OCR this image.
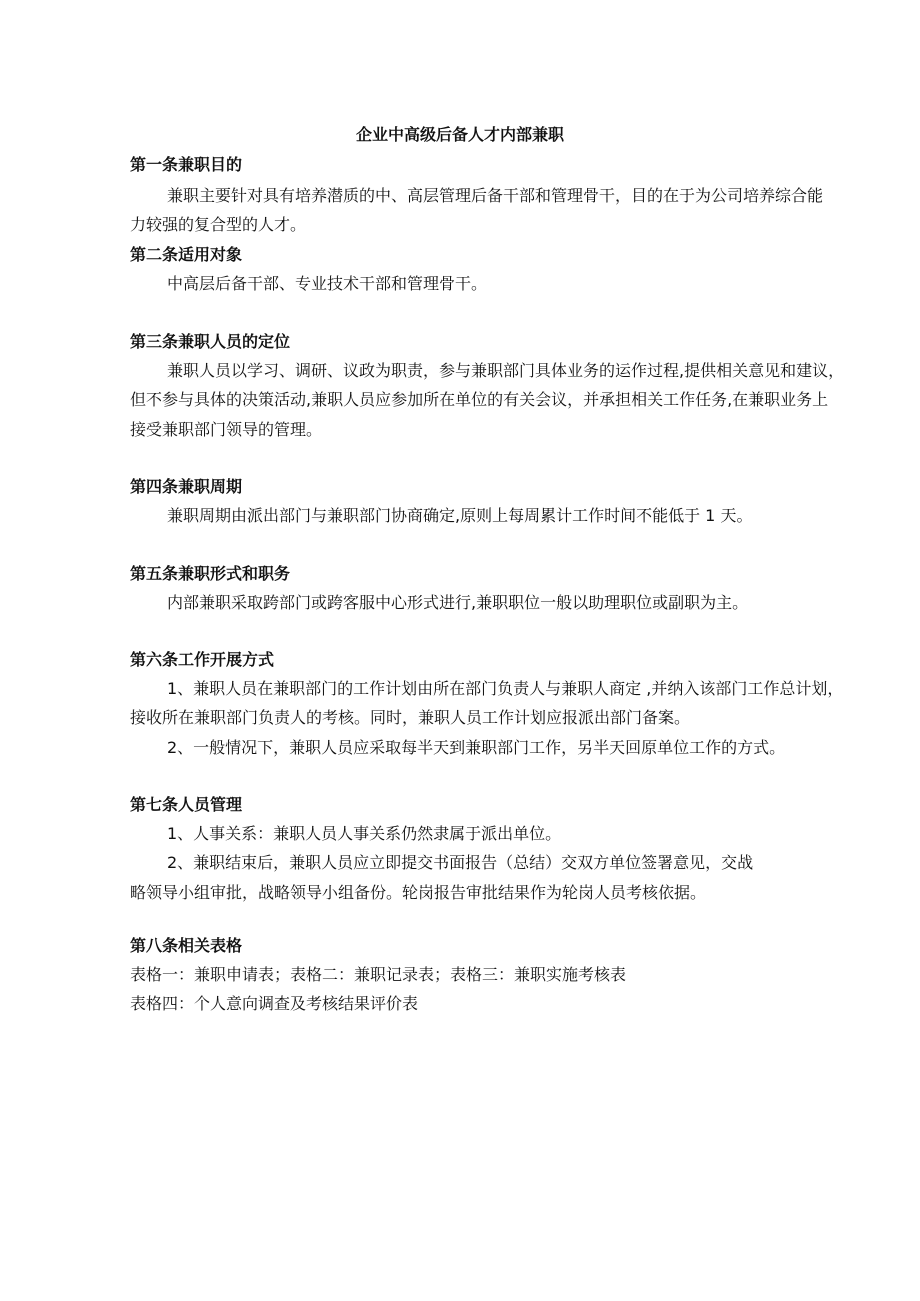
企业中高级后备人才内部兼职
第一条兼职目的
兼职主要针对具有培养潜质的中、高层管理后备干部和管理骨干，目的在于为公司培养综合能
力较强的复合型的人才。
第二条适用对象
中高层后备干部、专业技术干部和管理骨干。
第三条兼职人员的定位
兼职人员以学习、调研、议政为职责，参与兼职部门具体业务的运作过程,提供相关意见和建议，
但不参与具体的决策活动,兼职人员应参加所在单位的有关会议，并承担相关工作任务,在兼职业务上
接受兼职部门领导的管理。
第四条兼职周期
兼职周期由派出部门与兼职部门协商确定,原则上每周累计工作时间不能低于 1 天。
第五条兼职形式和职务
内部兼职采取跨部门或跨客服中心形式进行,兼职职位一般以助理职位或副职为主。
第六条工作开展方式
1、兼职人员在兼职部门的工作计划由所在部门负责人与兼职人商定 ,并纳入该部门工作总计划，
接收所在兼职部门负责人的考核。同时，兼职人员工作计划应报派出部门备案。
2、一般情况下，兼职人员应采取每半天到兼职部门工作，另半天回原单位工作的方式。
第七条人员管理
1、人事关系：兼职人员人事关系仍然隶属于派出单位。
2、兼职结束后，兼职人员应立即提交书面报告（总结）交双方单位签署意见，交战
略领导小组审批，战略领导小组备份。轮岗报告审批结果作为轮岗人员考核依据。
第八条相关表格
表格一：兼职申请表；表格二：兼职记录表；表格三：兼职实施考核表
表格四：个人意向调查及考核结果评价表
